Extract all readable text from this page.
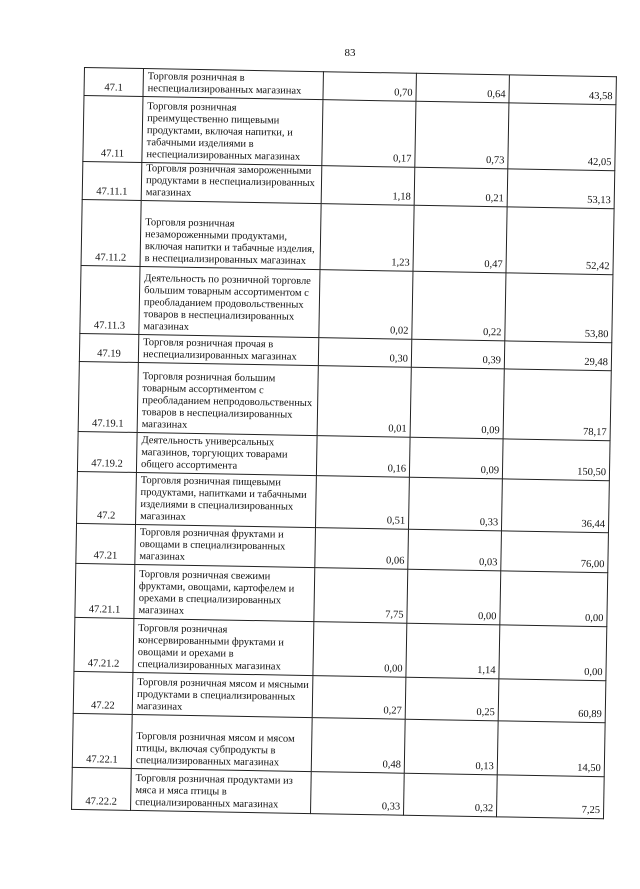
83
47.1	Торговля розничная в неспециализированных магазинах	0,70	0,64	43,58
47.11	Торговля розничная преимущественно пищевыми продуктами, включая напитки, и табачными изделиями в неспециализированных магазинах	0,17	0,73	42,05
47.11.1	Торговля розничная замороженными продуктами в неспециализированных магазинах	1,18	0,21	53,13
47.11.2	Торговля розничная незамороженными продуктами, включая напитки и табачные изделия, в неспециализированных магазинах	1,23	0,47	52,42
47.11.3	Деятельность по розничной торговле большим товарным ассортиментом с преобладанием продовольственных товаров в неспециализированных магазинах	0,02	0,22	53,80
47.19	Торговля розничная прочая в неспециализированных магазинах	0,30	0,39	29,48
47.19.1	Торговля розничная большим товарным ассортиментом с преобладанием непродовольственных товаров в неспециализированных магазинах	0,01	0,09	78,17
47.19.2	Деятельность универсальных магазинов, торгующих товарами общего ассортимента	0,16	0,09	150,50
47.2	Торговля розничная пищевыми продуктами, напитками и табачными изделиями в специализированных магазинах	0,51	0,33	36,44
47.21	Торговля розничная фруктами и овощами в специализированных магазинах	0,06	0,03	76,00
47.21.1	Торговля розничная свежими фруктами, овощами, картофелем и орехами в специализированных магазинах	7,75	0,00	0,00
47.21.2	Торговля розничная консервированными фруктами и овощами и орехами в специализированных магазинах	0,00	1,14	0,00
47.22	Торговля розничная мясом и мясными продуктами в специализированных магазинах	0,27	0,25	60,89
47.22.1	Торговля розничная мясом и мясом птицы, включая субпродукты в специализированных магазинах	0,48	0,13	14,50
47.22.2	Торговля розничная продуктами из мяса и мяса птицы в специализированных магазинах	0,33	0,32	7,25
